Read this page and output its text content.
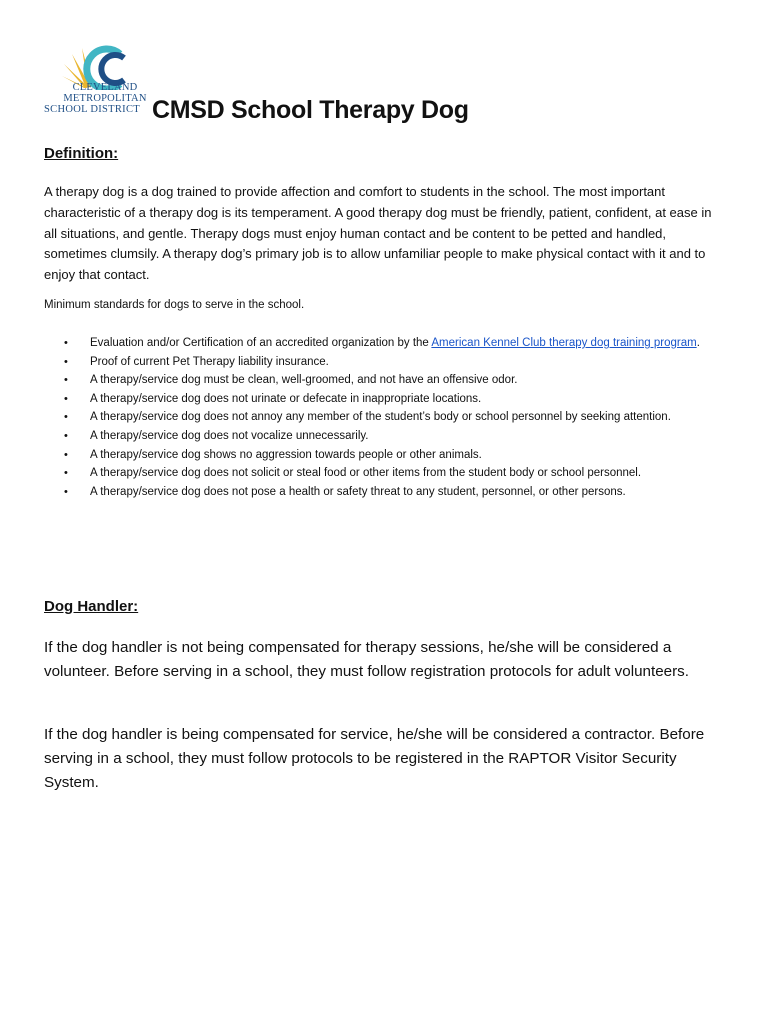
CLEVELAND
METROPOLITAN
SCHOOL DISTRICT CMSD School Therapy Dog
Definition:
A therapy dog is a dog trained to provide affection and comfort to students in the school. The most important characteristic of a therapy dog is its temperament. A good therapy dog must be friendly, patient, confident, at ease in all situations, and gentle. Therapy dogs must enjoy human contact and be content to be petted and handled, sometimes clumsily. A therapy dog’s primary job is to allow unfamiliar people to make physical contact with it and to enjoy that contact.
Minimum standards for dogs to serve in the school.
• Evaluation and/or Certification of an accredited organization by the American Kennel Club therapy dog training program.
• Proof of current Pet Therapy liability insurance.
• A therapy/service dog must be clean, well-groomed, and not have an offensive odor.
• A therapy/service dog does not urinate or defecate in inappropriate locations.
• A therapy/service dog does not annoy any member of the student’s body or school personnel by seeking attention.
• A therapy/service dog does not vocalize unnecessarily.
• A therapy/service dog shows no aggression towards people or other animals.
• A therapy/service dog does not solicit or steal food or other items from the student body or school personnel.
• A therapy/service dog does not pose a health or safety threat to any student, personnel, or other persons.
Dog Handler:
If the dog handler is not being compensated for therapy sessions, he/she will be considered a volunteer. Before serving in a school, they must follow registration protocols for adult volunteers.
If the dog handler is being compensated for service, he/she will be considered a contractor. Before serving in a school, they must follow protocols to be registered in the RAPTOR Visitor Security System.
